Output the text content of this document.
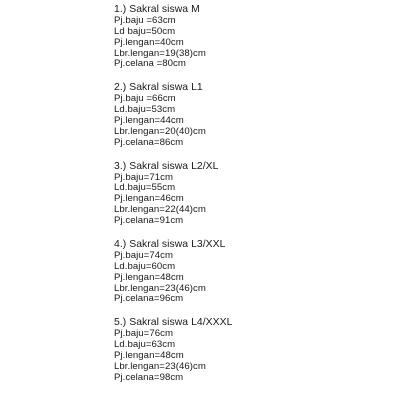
1.) Sakral siswa M
Pj.baju =63cm
Ld baju=50cm
Pj.lengan=40cm
Lbr.lengan=19(38)cm
Pj.celana =80cm
2.) Sakral siswa L1
Pj.baju =66cm
Ld.baju=53cm
Pj.lengan=44cm
Lbr.lengan=20(40)cm
Pj.celana=86cm
3.) Sakral siswa L2/XL
Pj.baju=71cm
Ld.baju=55cm
Pj.lengan=46cm
Lbr.lengan=22(44)cm
Pj.celana=91cm
4.) Sakral siswa L3/XXL
Pj.baju=74cm
Ld.baju=60cm
Pj.lengan=48cm
Lbr.lengan=23(46)cm
Pj.celana=96cm
5.) Sakral siswa L4/XXXL
Pj.baju=76cm
Ld.baju=63cm
Pj.lengan=48cm
Lbr.lengan=23(46)cm
Pj.celana=98cm
